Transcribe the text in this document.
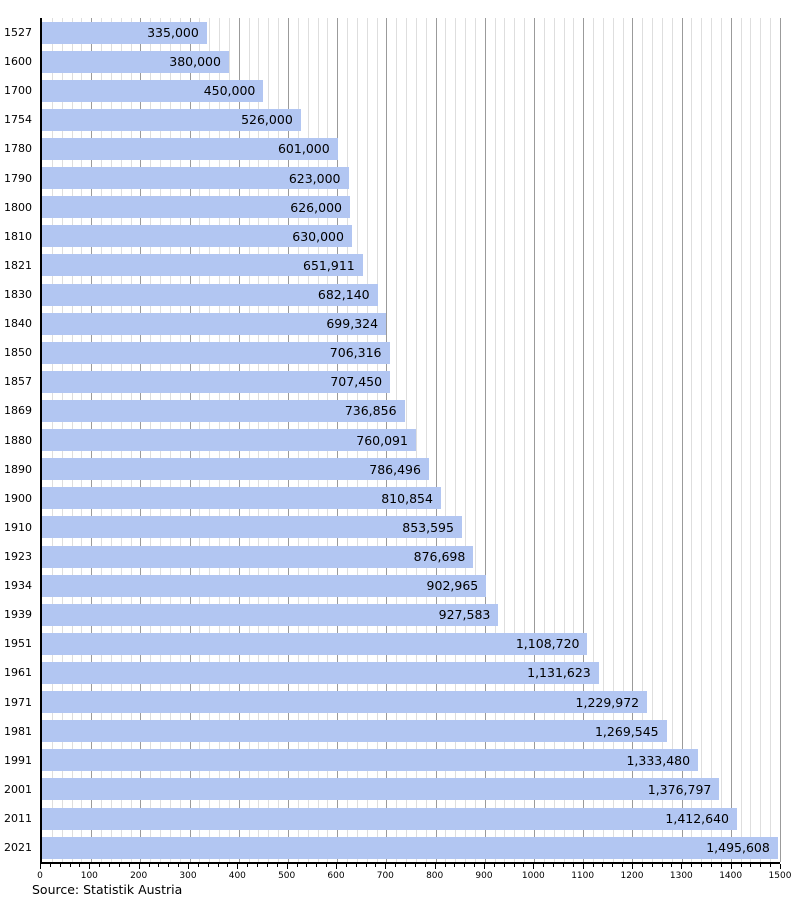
1527	335,000
1600	380,000
1700	450,000
1754	526,000
1780	601,000
1790	623,000
1800	626,000
1810	630,000
1821	651,911
1830	682,140
1840	699,324
1850	706,316
1857	707,450
1869	736,856
1880	760,091
1890	786,496
1900	810,854
1910	853,595
1923	876,698
1934	902,965
1939	927,583
1951	1,108,720
1961	1,131,623
1971	1,229,972
1981	1,269,545
1991	1,333,480
2001	1,376,797
2011	1,412,640
2021	1,495,608
0	100	200	300	400	500	600	700	800	900	1000	1100	1200	1300	1400	1500
Source: Statistik Austria
